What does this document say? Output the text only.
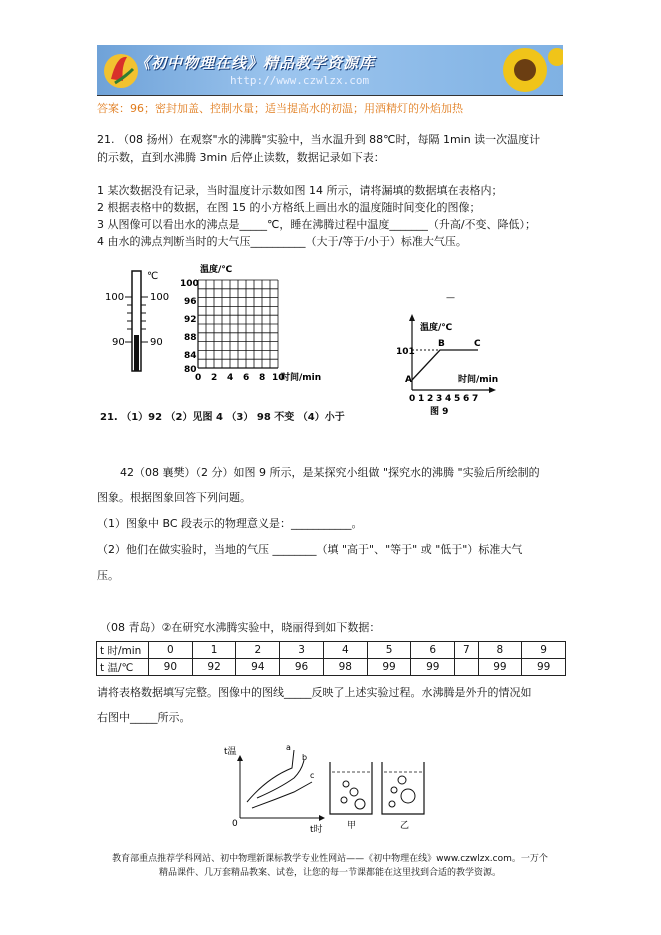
《初中物理在线》精品教学资源库
http://www.czwlzx.com
答案：96；密封加盖、控制水量；适当提高水的初温；用酒精灯的外焰加热
21. （08 扬州）在观察"水的沸腾"实验中，当水温升到 88℃时，每隔 1min 读一次温度计
的示数，直到水沸腾 3min 后停止读数，数据记录如下表：
1 某次数据没有记录，当时温度计示数如图 14 所示，请将漏填的数据填在表格内；
2 根据表格中的数据，在图 15 的小方格纸上画出水的温度随时间变化的图像；
3 从图像可以看出水的沸点是_____℃，睡在沸腾过程中温度_______（升高/不变、降低）；
4 由水的沸点判断当时的大气压__________（大于/等于/小于）标准大气压。
℃
100	100
90	90
温度/℃
100
96
92
88
84
80
0 2 4 6 8 10
时间/min
—
温度/℃
101
A
B	C
时间/min
0 1 2 3 4 5 6 7
图 9
21. （1）92 （2）见图 4 （3） 98 不变 （4）小于
42（08 襄樊）（2 分）如图 9 所示，是某探究小组做 "探究水的沸腾 "实验后所绘制的
图象。根据图象回答下列问题。
（1）图象中 BC 段表示的物理意义是：___________。
（2）他们在做实验时，当地的气压 ________（填 "高于"、"等于" 或 "低于"）标准大气
压。
（08 青岛）②在研究水沸腾实验中，晓丽得到如下数据：
t 时/min	0	1	2	3	4	5	6	7	8	9
t 温/℃	90	92	94	96	98	99	99		99	99
请将表格数据填写完整。图像中的图线_____反映了上述实验过程。水沸腾是外升的情况如
右图中_____所示。
t温	a
b
c
0
t时	甲	乙
教育部重点推荐学科网站、初中物理新课标教学专业性网站——《初中物理在线》www.czwlzx.com。一万个
精品课件、几万套精品教案、试卷，让您的每一节课都能在这里找到合适的教学资源。
